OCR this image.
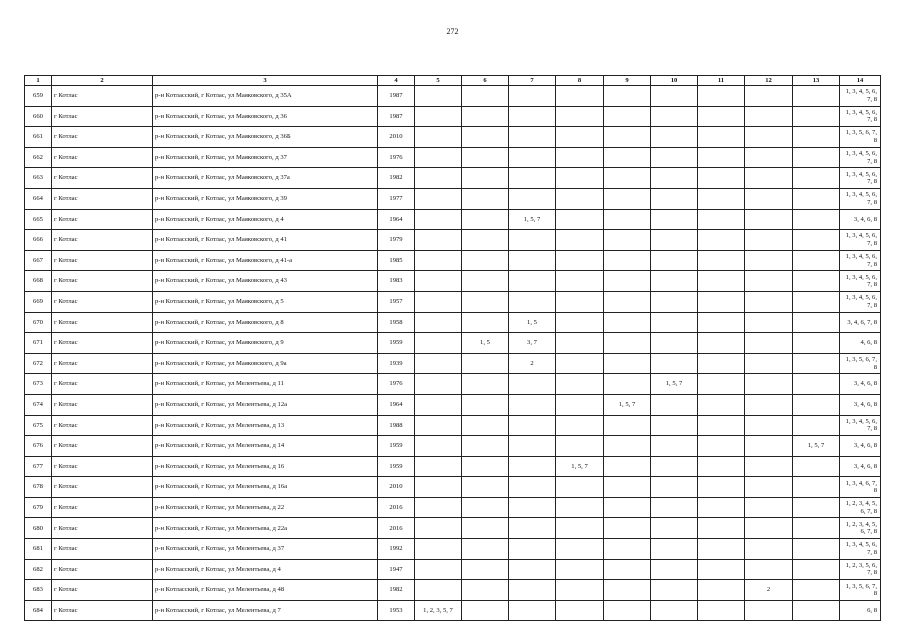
272
1	2	3	4	5	6	7	8	9	10	11	12	13	14
659	г Котлас	р-н Котласский, г Котлас, ул Маяковского, д 35А	1987										1, 3, 4, 5, 6, 7, 8
660	г Котлас	р-н Котласский, г Котлас, ул Маяковского, д 36	1987										1, 3, 4, 5, 6, 7, 8
661	г Котлас	р-н Котласский, г Котлас, ул Маяковского, д 36Б	2010										1, 3, 5, 6, 7, 8
662	г Котлас	р-н Котласский, г Котлас, ул Маяковского, д 37	1976										1, 3, 4, 5, 6, 7, 8
663	г Котлас	р-н Котласский, г Котлас, ул Маяковского, д 37а	1982										1, 3, 4, 5, 6, 7, 8
664	г Котлас	р-н Котласский, г Котлас, ул Маяковского, д 39	1977										1, 3, 4, 5, 6, 7, 8
665	г Котлас	р-н Котласский, г Котлас, ул Маяковского, д 4	1964			1, 5, 7							3, 4, 6, 8
666	г Котлас	р-н Котласский, г Котлас, ул Маяковского, д 41	1979										1, 3, 4, 5, 6, 7, 8
667	г Котлас	р-н Котласский, г Котлас, ул Маяковского, д 41-а	1985										1, 3, 4, 5, 6, 7, 8
668	г Котлас	р-н Котласский, г Котлас, ул Маяковского, д 43	1983										1, 3, 4, 5, 6, 7, 8
669	г Котлас	р-н Котласский, г Котлас, ул Маяковского, д 5	1957										1, 3, 4, 5, 6, 7, 8
670	г Котлас	р-н Котласский, г Котлас, ул Маяковского, д 8	1958			1, 5							3, 4, 6, 7, 8
671	г Котлас	р-н Котласский, г Котлас, ул Маяковского, д 9	1959		1, 5	3, 7							4, 6, 8
672	г Котлас	р-н Котласский, г Котлас, ул Маяковского, д 9а	1939			2							1, 3, 5, 6, 7, 8
673	г Котлас	р-н Котласский, г Котлас, ул Мелентьева, д 11	1976						1, 5, 7				3, 4, 6, 8
674	г Котлас	р-н Котласский, г Котлас, ул Мелентьева, д 12а	1964					1, 5, 7					3, 4, 6, 8
675	г Котлас	р-н Котласский, г Котлас, ул Мелентьева, д 13	1988										1, 3, 4, 5, 6, 7, 8
676	г Котлас	р-н Котласский, г Котлас, ул Мелентьева, д 14	1959									1, 5, 7	3, 4, 6, 8
677	г Котлас	р-н Котласский, г Котлас, ул Мелентьева, д 16	1959				1, 5, 7						3, 4, 6, 8
678	г Котлас	р-н Котласский, г Котлас, ул Мелентьева, д 16а	2010										1, 3, 4, 6, 7, 8
679	г Котлас	р-н Котласский, г Котлас, ул Мелентьева, д 22	2016										1, 2, 3, 4, 5, 6, 7, 8
680	г Котлас	р-н Котласский, г Котлас, ул Мелентьева, д 22а	2016										1, 2, 3, 4, 5, 6, 7, 8
681	г Котлас	р-н Котласский, г Котлас, ул Мелентьева, д 37	1992										1, 3, 4, 5, 6, 7, 8
682	г Котлас	р-н Котласский, г Котлас, ул Мелентьева, д 4	1947										1, 2, 3, 5, 6, 7, 8
683	г Котлас	р-н Котласский, г Котлас, ул Мелентьева, д 48	1982								2		1, 3, 5, 6, 7, 8
684	г Котлас	р-н Котласский, г Котлас, ул Мелентьева, д 7	1953	1, 2, 3, 5, 7									6, 8
